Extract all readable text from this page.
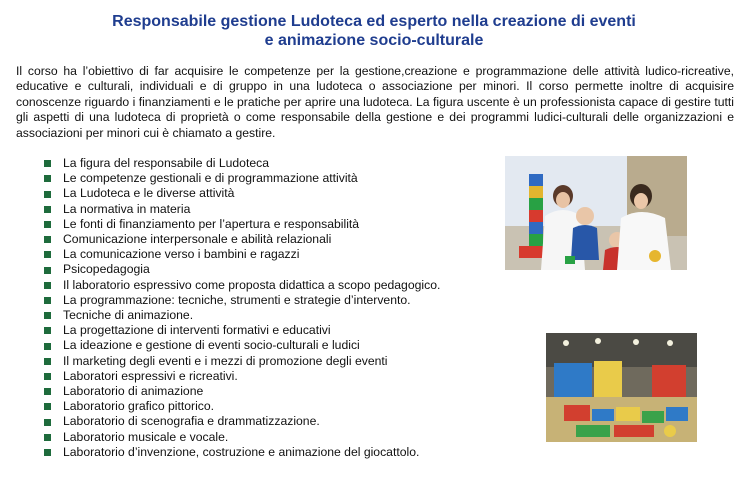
Responsabile gestione Ludoteca ed esperto nella creazione di eventi
e animazione socio-culturale
Il corso ha l’obiettivo di far acquisire le competenze per la gestione,creazione e programmazione delle attività ludico-ricreative, educative e culturali, individuali e di gruppo in una ludoteca o associazione per minori. Il corso permette inoltre di acquisire conoscenze riguardo i finanziamenti e le pratiche per aprire una ludoteca. La figura uscente è un professionista capace di gestire tutti gli aspetti di una ludoteca di proprietà o come responsabile della gestione e dei programmi ludici-culturali delle organizzazioni e associazioni per minori cui è chiamato a gestire.
La figura del responsabile di Ludoteca
Le competenze gestionali e di programmazione attività
La Ludoteca e le diverse attività
La normativa in materia
Le fonti di finanziamento per l’apertura e responsabilità
Comunicazione interpersonale e abilità relazionali
La comunicazione verso i bambini e ragazzi
Psicopedagogia
Il laboratorio espressivo come proposta didattica a scopo pedagogico.
La programmazione: tecniche, strumenti e strategie d’intervento.
Tecniche di animazione.
La progettazione di interventi formativi e educativi
La ideazione e gestione di eventi socio-culturali e ludici
Il marketing degli eventi e i mezzi di promozione degli eventi
Laboratori espressivi e ricreativi.
Laboratorio di animazione
Laboratorio grafico pittorico.
Laboratorio di scenografia e drammatizzazione.
Laboratorio musicale e vocale.
Laboratorio d’invenzione, costruzione e animazione del giocattolo.
